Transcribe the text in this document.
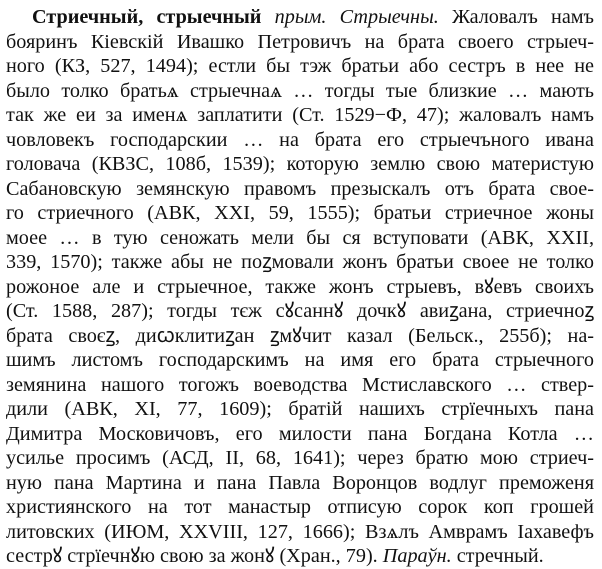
Стриечный, стрыечный прым. Стрыечны. Жаловалъ намъ
бояринъ Кіевскій Ивашко Петровичъ на брата своего стрыеч-
ного (КЗ, 527, 1494); естли бы тэж братьи або сестръ в нее не
было толко братьѧ стрыечнаѧ … тогды тые близкие … мають
так же еи за именѧ заплатити (Ст. 1529−Ф, 47); жаловалъ намъ
човловекъ господарскии … на брата его стрыечъного ивана
головача (КВЗС, 108б, 1539); которую землю свою материстую
Сабановскую земянскую правомъ презыскалъ отъ брата свое-
го стриечного (АВК, XXI, 59, 1555); братьи стриечное жоны
моее … в тую сеножать мели бы ся вступовати (АВК, XXII,
339, 1570); также абы не поꙁмовали жонъ братьи своее не толко
рожоное але и стрыечное, также жонъ стрыевъ, вꙋевъ своихъ
(Ст. 1588, 287); тогды тєж сꙋсаннꙋ дочкꙋ авиꙁана, стриечноꙁ
брата своєꙁ, диꙍклитиꙁан ꙁмꙋчит казал (Бельск., 255б); на-
шимъ листомъ господарскимъ на имя его брата стрыечного
земянина нашого тогожъ воеводства Мстиславского … ствер-
дили (АВК, XI, 77, 1609); братій нашихъ стрїечныхъ пана
Димитра Московичовъ, его милости пана Богдана Котла …
усилье просимъ (АСД, II, 68, 1641); через братю мою стриеч-
ную пана Мартина и пана Павла Воронцов водлуг преможеня
християнского на тот манастыр отписую сорок коп грошей
литовских (ИЮМ, XXVIII, 127, 1666); Взѧлъ Амврамъ Іахавефъ
сестрꙋ стрїечнꙋю свою за жонꙋ (Хран., 79). Параўн. стречный.
